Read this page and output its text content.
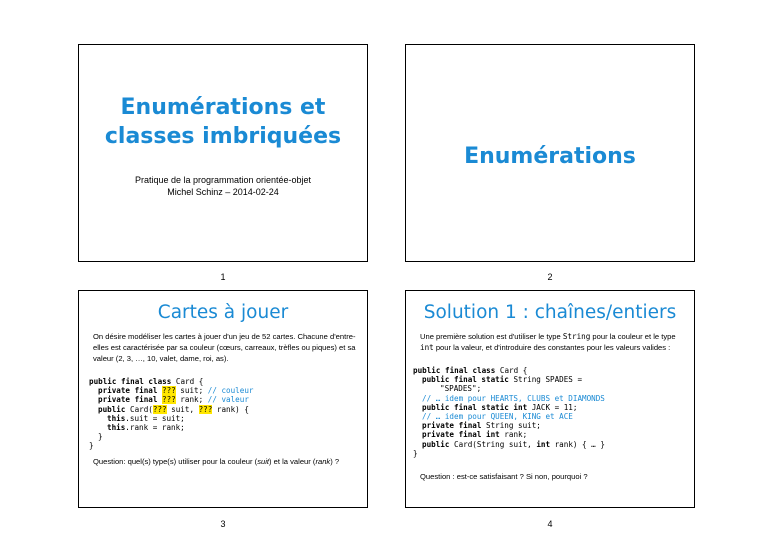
Enumérations et
classes imbriquées
Pratique de la programmation orientée-objet
Michel Schinz – 2014-02-24
1
Enumérations
2
Cartes à jouer
On désire modéliser les cartes à jouer d'un jeu de 52 cartes. Chacune d'entre-elles est caractérisée par sa couleur (cœurs, carreaux, trèfles ou piques) et sa valeur (2, 3, …, 10, valet, dame, roi, as).
public final class Card {
private final ??? suit; // couleur
private final ??? rank; // valeur
public Card(??? suit, ??? rank) {
this.suit = suit;
this.rank = rank;
}
}
Question: quel(s) type(s) utiliser pour la couleur (suit) et la valeur (rank) ?
3
Solution 1 : chaînes/entiers
Une première solution est d'utiliser le type String pour la couleur et le type int pour la valeur, et d'introduire des constantes pour les valeurs valides :
public final class Card {
public final static String SPADES =
"SPADES";
// … idem pour HEARTS, CLUBS et DIAMONDS
public final static int JACK = 11;
// … idem pour QUEEN, KING et ACE
private final String suit;
private final int rank;
public Card(String suit, int rank) { … }
}
Question : est-ce satisfaisant ? Si non, pourquoi ?
4
